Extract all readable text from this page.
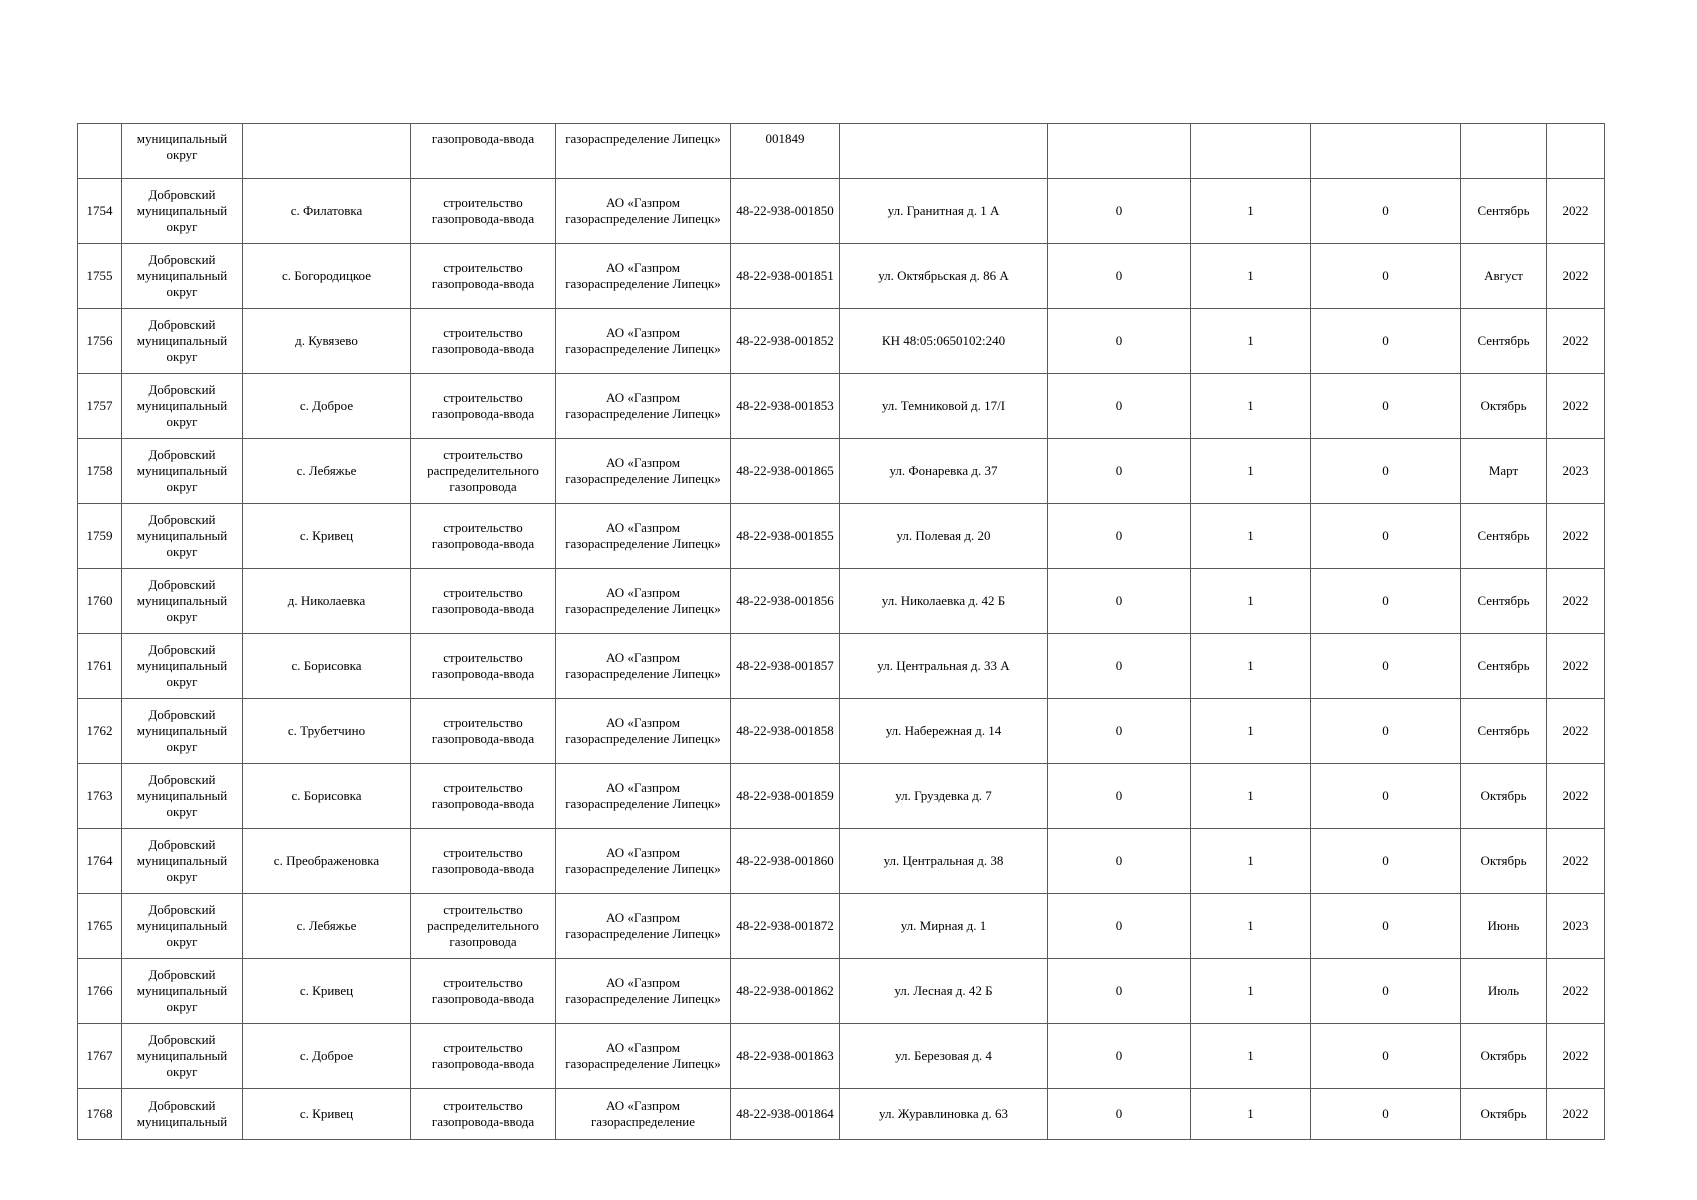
	муниципальный округ		газопровода-ввода	газораспределение Липецк»	001849						
1754	Добровский муниципальный округ	с. Филатовка	строительство газопровода-ввода	АО «Газпром газораспределение Липецк»	48-22-938-001850	ул. Гранитная д. 1 А	0	1	0	Сентябрь	2022
1755	Добровский муниципальный округ	с. Богородицкое	строительство газопровода-ввода	АО «Газпром газораспределение Липецк»	48-22-938-001851	ул. Октябрьская д. 86 А	0	1	0	Август	2022
1756	Добровский муниципальный округ	д. Кувязево	строительство газопровода-ввода	АО «Газпром газораспределение Липецк»	48-22-938-001852	КН 48:05:0650102:240	0	1	0	Сентябрь	2022
1757	Добровский муниципальный округ	с. Доброе	строительство газопровода-ввода	АО «Газпром газораспределение Липецк»	48-22-938-001853	ул. Темниковой д. 17/I	0	1	0	Октябрь	2022
1758	Добровский муниципальный округ	с. Лебяжье	строительство распределительного газопровода	АО «Газпром газораспределение Липецк»	48-22-938-001865	ул. Фонаревка д. 37	0	1	0	Март	2023
1759	Добровский муниципальный округ	с. Кривец	строительство газопровода-ввода	АО «Газпром газораспределение Липецк»	48-22-938-001855	ул. Полевая д. 20	0	1	0	Сентябрь	2022
1760	Добровский муниципальный округ	д. Николаевка	строительство газопровода-ввода	АО «Газпром газораспределение Липецк»	48-22-938-001856	ул. Николаевка д. 42 Б	0	1	0	Сентябрь	2022
1761	Добровский муниципальный округ	с. Борисовка	строительство газопровода-ввода	АО «Газпром газораспределение Липецк»	48-22-938-001857	ул. Центральная д. 33 А	0	1	0	Сентябрь	2022
1762	Добровский муниципальный округ	с. Трубетчино	строительство газопровода-ввода	АО «Газпром газораспределение Липецк»	48-22-938-001858	ул. Набережная д. 14	0	1	0	Сентябрь	2022
1763	Добровский муниципальный округ	с. Борисовка	строительство газопровода-ввода	АО «Газпром газораспределение Липецк»	48-22-938-001859	ул. Груздевка д. 7	0	1	0	Октябрь	2022
1764	Добровский муниципальный округ	с. Преображеновка	строительство газопровода-ввода	АО «Газпром газораспределение Липецк»	48-22-938-001860	ул. Центральная д. 38	0	1	0	Октябрь	2022
1765	Добровский муниципальный округ	с. Лебяжье	строительство распределительного газопровода	АО «Газпром газораспределение Липецк»	48-22-938-001872	ул. Мирная д. 1	0	1	0	Июнь	2023
1766	Добровский муниципальный округ	с. Кривец	строительство газопровода-ввода	АО «Газпром газораспределение Липецк»	48-22-938-001862	ул. Лесная д. 42 Б	0	1	0	Июль	2022
1767	Добровский муниципальный округ	с. Доброе	строительство газопровода-ввода	АО «Газпром газораспределение Липецк»	48-22-938-001863	ул. Березовая д. 4	0	1	0	Октябрь	2022
1768	Добровский муниципальный	с. Кривец	строительство газопровода-ввода	АО «Газпром газораспределение	48-22-938-001864	ул. Журавлиновка д. 63	0	1	0	Октябрь	2022
